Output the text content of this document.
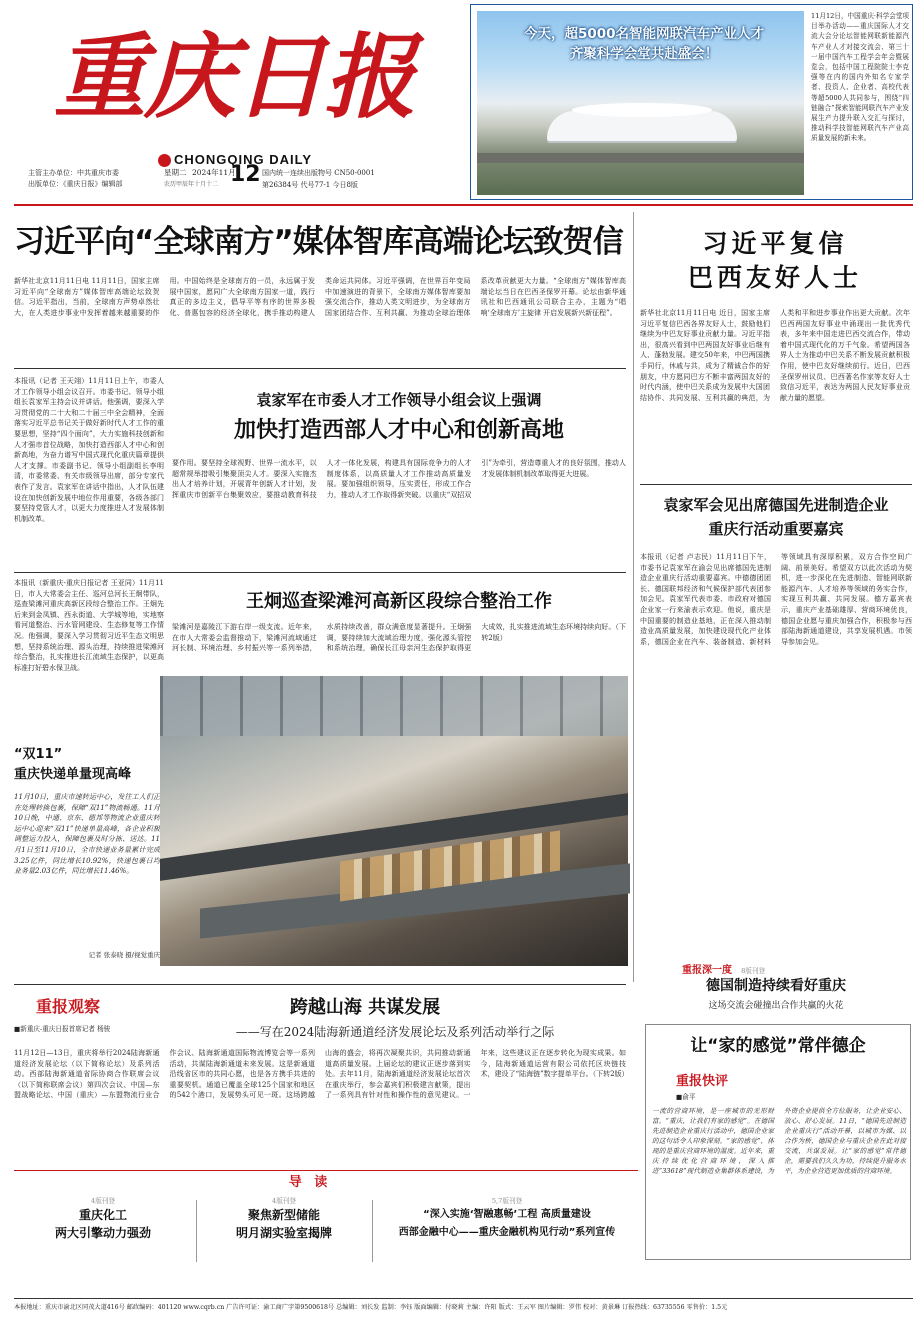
重庆日报
CHONGQING DAILY
主管主办单位：中共重庆市委
出版单位：《重庆日报》编辑部
星期二 2024年11月
12
农历甲辰年十月十二
国内统一连续出版物号 CN50-0001
第26384号 代号77-1 今日8版
今天，超5000名智能网联汽车产业人才
齐聚科学会堂共赴盛会！
11月12日，中国重庆·科学会堂项目举办活动——重庆国际人才交流大会分论坛智能网联新能源汽车产业人才对接交流会、第三十一届中国汽车工程学会年会暨展览会，包括中国工程院院士李克强等在内的国内外知名专家学者、投资人、企业者、高校代表等超5000人共同参与，围绕“四链融合”探索智能网联汽车产业发展生产力提升联入交汇与探讨，推动科学技智能网联汽车产业高质量发展的新未来。
习近平向“全球南方”媒体智库高端论坛致贺信
新华社北京11月11日电 11月11日，国家主席习近平向“全球南方”媒体智库高端论坛致贺信。习近平指出，当前，全球南方声势卓然壮大，在人类进步事业中发挥着越来越重要的作用。中国始终是全球南方的一员，永远属于发展中国家，愿同广大全球南方国家一道，践行真正的多边主义，倡导平等有序的世界多极化、普惠包容的经济全球化，携手推动构建人类命运共同体。习近平强调，在世界百年变局中加速演进的背景下，全球南方媒体智库要加强交流合作，推动人类文明进步，为全球南方国家团结合作、互利共赢、为推动全球治理体系改革贡献更大力量。“全球南方”媒体智库高端论坛当日在巴西圣保罗开幕。论坛由新华通讯社和巴西通讯公司联合主办，主题为“唱响‘全球南方’主旋律 开启发展新兴新征程”。
习近平复信
巴西友好人士
新华社北京11月11日电 近日，国家主席习近平复信巴西各界友好人士，鼓励他们继续为中巴友好事业贡献力量。习近平指出，很高兴看到中巴两国友好事业后继有人、蓬勃发展。建交50年来，中巴两国携手同行，休戚与共，成为了精诚合作的好朋友，中方愿同巴方不断丰富两国友好的时代内涵，使中巴关系成为发展中大国团结协作、共同发展、互利共赢的典范，为人类和平和进步事业作出更大贡献。次年巴西两国友好事业中涌现出一批优秀代表，多年来中国走进巴西交流合作，带动着中国式现代化的万千气象。希望两国各界人士为推动中巴关系不断发展贡献积极作用，使中巴友好继续前行。近日，巴西圣保罗州议员、巴西著名作家等友好人士致信习近平，表达为两国人民友好事业贡献力量的愿望。
本报讯（记者 王天翊）11月11日上午，市委人才工作领导小组会议召开。市委书记、领导小组组长袁家军主持会议并讲话。他强调，要深入学习贯彻党的二十大和二十届三中全会精神，全面落实习近平总书记关于做好新时代人才工作的重要思想，坚持“四个面向”，大力实施科技创新和人才强市首位战略，加快打造西部人才中心和创新高地，为奋力谱写中国式现代化重庆篇章提供人才支撑。市委副书记、领导小组副组长李明清，市委常委、有关市级领导出席，部分专家代表作了发言。袁家军在讲话中指出，人才队伍建设在加快创新发展中地位作用重要，各级各部门要坚持党管人才，以更大力度推进人才发展体制机制改革。
袁家军在市委人才工作领导小组会议上强调
加快打造西部人才中心和创新高地
要作用。要坚持全球视野、世界一流水平，以超常规举措吸引集聚顶尖人才。要深入实施杰出人才培养计划，开展青年创新人才计划，发挥重庆市创新平台集聚效应，要推动教育科技人才一体化发展，构建具有国际竞争力的人才制度体系，以高质量人才工作推动高质量发展。要加强组织领导，压实责任，形成工作合力，推动人才工作取得新突破。以重庆“双招双引”为牵引，营造尊重人才的良好氛围，推动人才发展体制机制改革取得更大进展。
本报讯（新重庆-重庆日报记者 王亚同）11月11日，市人大常委会主任、巡河总河长王炯带队，巡查梁滩河重庆高新区段综合整治工作。王炯先后来到金凤镇、西永街道、大学城等地，实地察看河道整治、污水管网建设、生态修复等工作情况。他强调，要深入学习贯彻习近平生态文明思想，坚持系统治理、源头治理，持续推进梁滩河综合整治，扎实推进长江流域生态保护，以更高标准打好碧水保卫战。
王炯巡查梁滩河高新区段综合整治工作
梁滩河是嘉陵江下游右岸一级支流。近年来，在市人大常委会监督推动下，梁滩河流域通过河长制、环境治理、乡村振兴等一系列举措，水质持续改善，群众满意度显著提升。王炯强调，要持续加大流域治理力度，强化源头管控和系统治理，确保长江母亲河生态保护取得更大成效，扎实推进流域生态环境持续向好。（下转2版）
“双11”
重庆快递单量现高峰
11月10日，重庆市速转运中心，发往工人们正在处理转换包裹，保障“双11”物流畅通。11月10日晚，中通、京东、德邦等物流企业重庆转运中心迎来“双11”快递单量高峰，各企业积极调整运力投入，保障包裹及时分拣、送达。11月1日至11月10日，全市快递业务量累计完成3.25亿件，同比增长10.92%，快递包裹日均业务量2.03亿件，同比增长11.46%。
记者 张泰晓 摄/视觉重庆
袁家军会见出席德国先进制造企业
重庆行活动重要嘉宾
本报讯（记者 卢志民）11月11日下午，市委书记袁家军在渝会见出席德国先进制造企业重庆行活动重要嘉宾。中德德团团长、德国联邦经济和气候保护部代表团参加会见。袁家军代表市委、市政府对德国企业家一行来渝表示欢迎。他说，重庆是中国重要的制造业基地，正在深入推动制造业高质量发展，加快建设现代化产业体系，德国企业在汽车、装备制造、新材料等领域具有深厚积累，双方合作空间广阔、前景美好。希望双方以此次活动为契机，进一步深化在先进制造、智能网联新能源汽车、人才培养等领域的务实合作，实现互利共赢、共同发展。德方嘉宾表示，重庆产业基础雄厚、营商环境优良，德国企业愿与重庆加强合作，积极参与西部陆海新通道建设，共享发展机遇。市领导参加会见。
重报深一度 8版刊登
德国制造持续看好重庆
这场交流会碰撞出合作共赢的火花
重报观察
■新重庆-重庆日报首席记者 杨骏
跨越山海 共谋发展
——写在2024陆海新通道经济发展论坛及系列活动举行之际
11月12日—13日，重庆将举行2024陆海新通道经济发展论坛（以下简称论坛）及系列活动。西部陆海新通道省际协商合作联席会议（以下简称联席会议）第四次会议、中国—东盟战略论坛、中国（重庆）—东盟物流行业合作会议、陆海新通道国际物流博览会等一系列活动，共谋陆海新通道未来发展。这是新通道沿线省区市的共同心愿，也是各方携手共进的重要契机。通道已覆盖全球125个国家和地区的542个港口，发展势头可见一斑。这场跨越山海的盛会，将再次凝聚共识，共同推动新通道高质量发展。上届论坛的建议正逐步落到实处。去年11月，陆海新通道经济发展论坛首次在重庆举行，参会嘉宾们积极建言献策，提出了一系列具有针对性和操作性的意见建议。一年来，这些建议正在逐步转化为现实成果。如今，陆海新通道运营有限公司依托区块链技术，建设了“陆海链”数字提单平台。（下转2版）
让“家的感觉”常伴德企
重报快评
■俞平
一流的营商环境，是一座城市的无形财富。“重庆，让我们有家的感觉”。在德国先进制造企业重庆行活动中，德国企业家的这句话令人印象深刻。“家的感觉”，体现的是重庆营商环境的温度。近年来，重庆持续优化营商环境，深入推进“33618”现代制造业集群体系建设，为外资企业提供全方位服务，让企业安心、放心、舒心发展。11日，“德国先进制造企业重庆行”活动开幕，以城市为媒、以合作为桥，德国企业与重庆企业在此对接交流，共谋发展。让“家的感觉”常伴德企，需要我们久久为功，持续提升服务水平，为企业营造更加优质的营商环境。
导 读
4版刊登
重庆化工
两大引擎动力强劲
4版刊登
聚焦新型储能
明月湖实验室揭牌
5,7版刊登
“深入实施‘智融惠畅’工程 高质量建设
西部金融中心——重庆金融机构见行动”系列宣传
本报地址：重庆市渝北区同茂大道416号 邮政编码：401120 www.cqrb.cn 广告许可证：渝工商广字第9500618号 总编辑：刘长发 监制：李钰 版面编辑：付晓莉 主编：许阳 版式：王云军 图片编辑：罗伟 校对：黄景琳 订报热线：63735556 零售价：1.5元
